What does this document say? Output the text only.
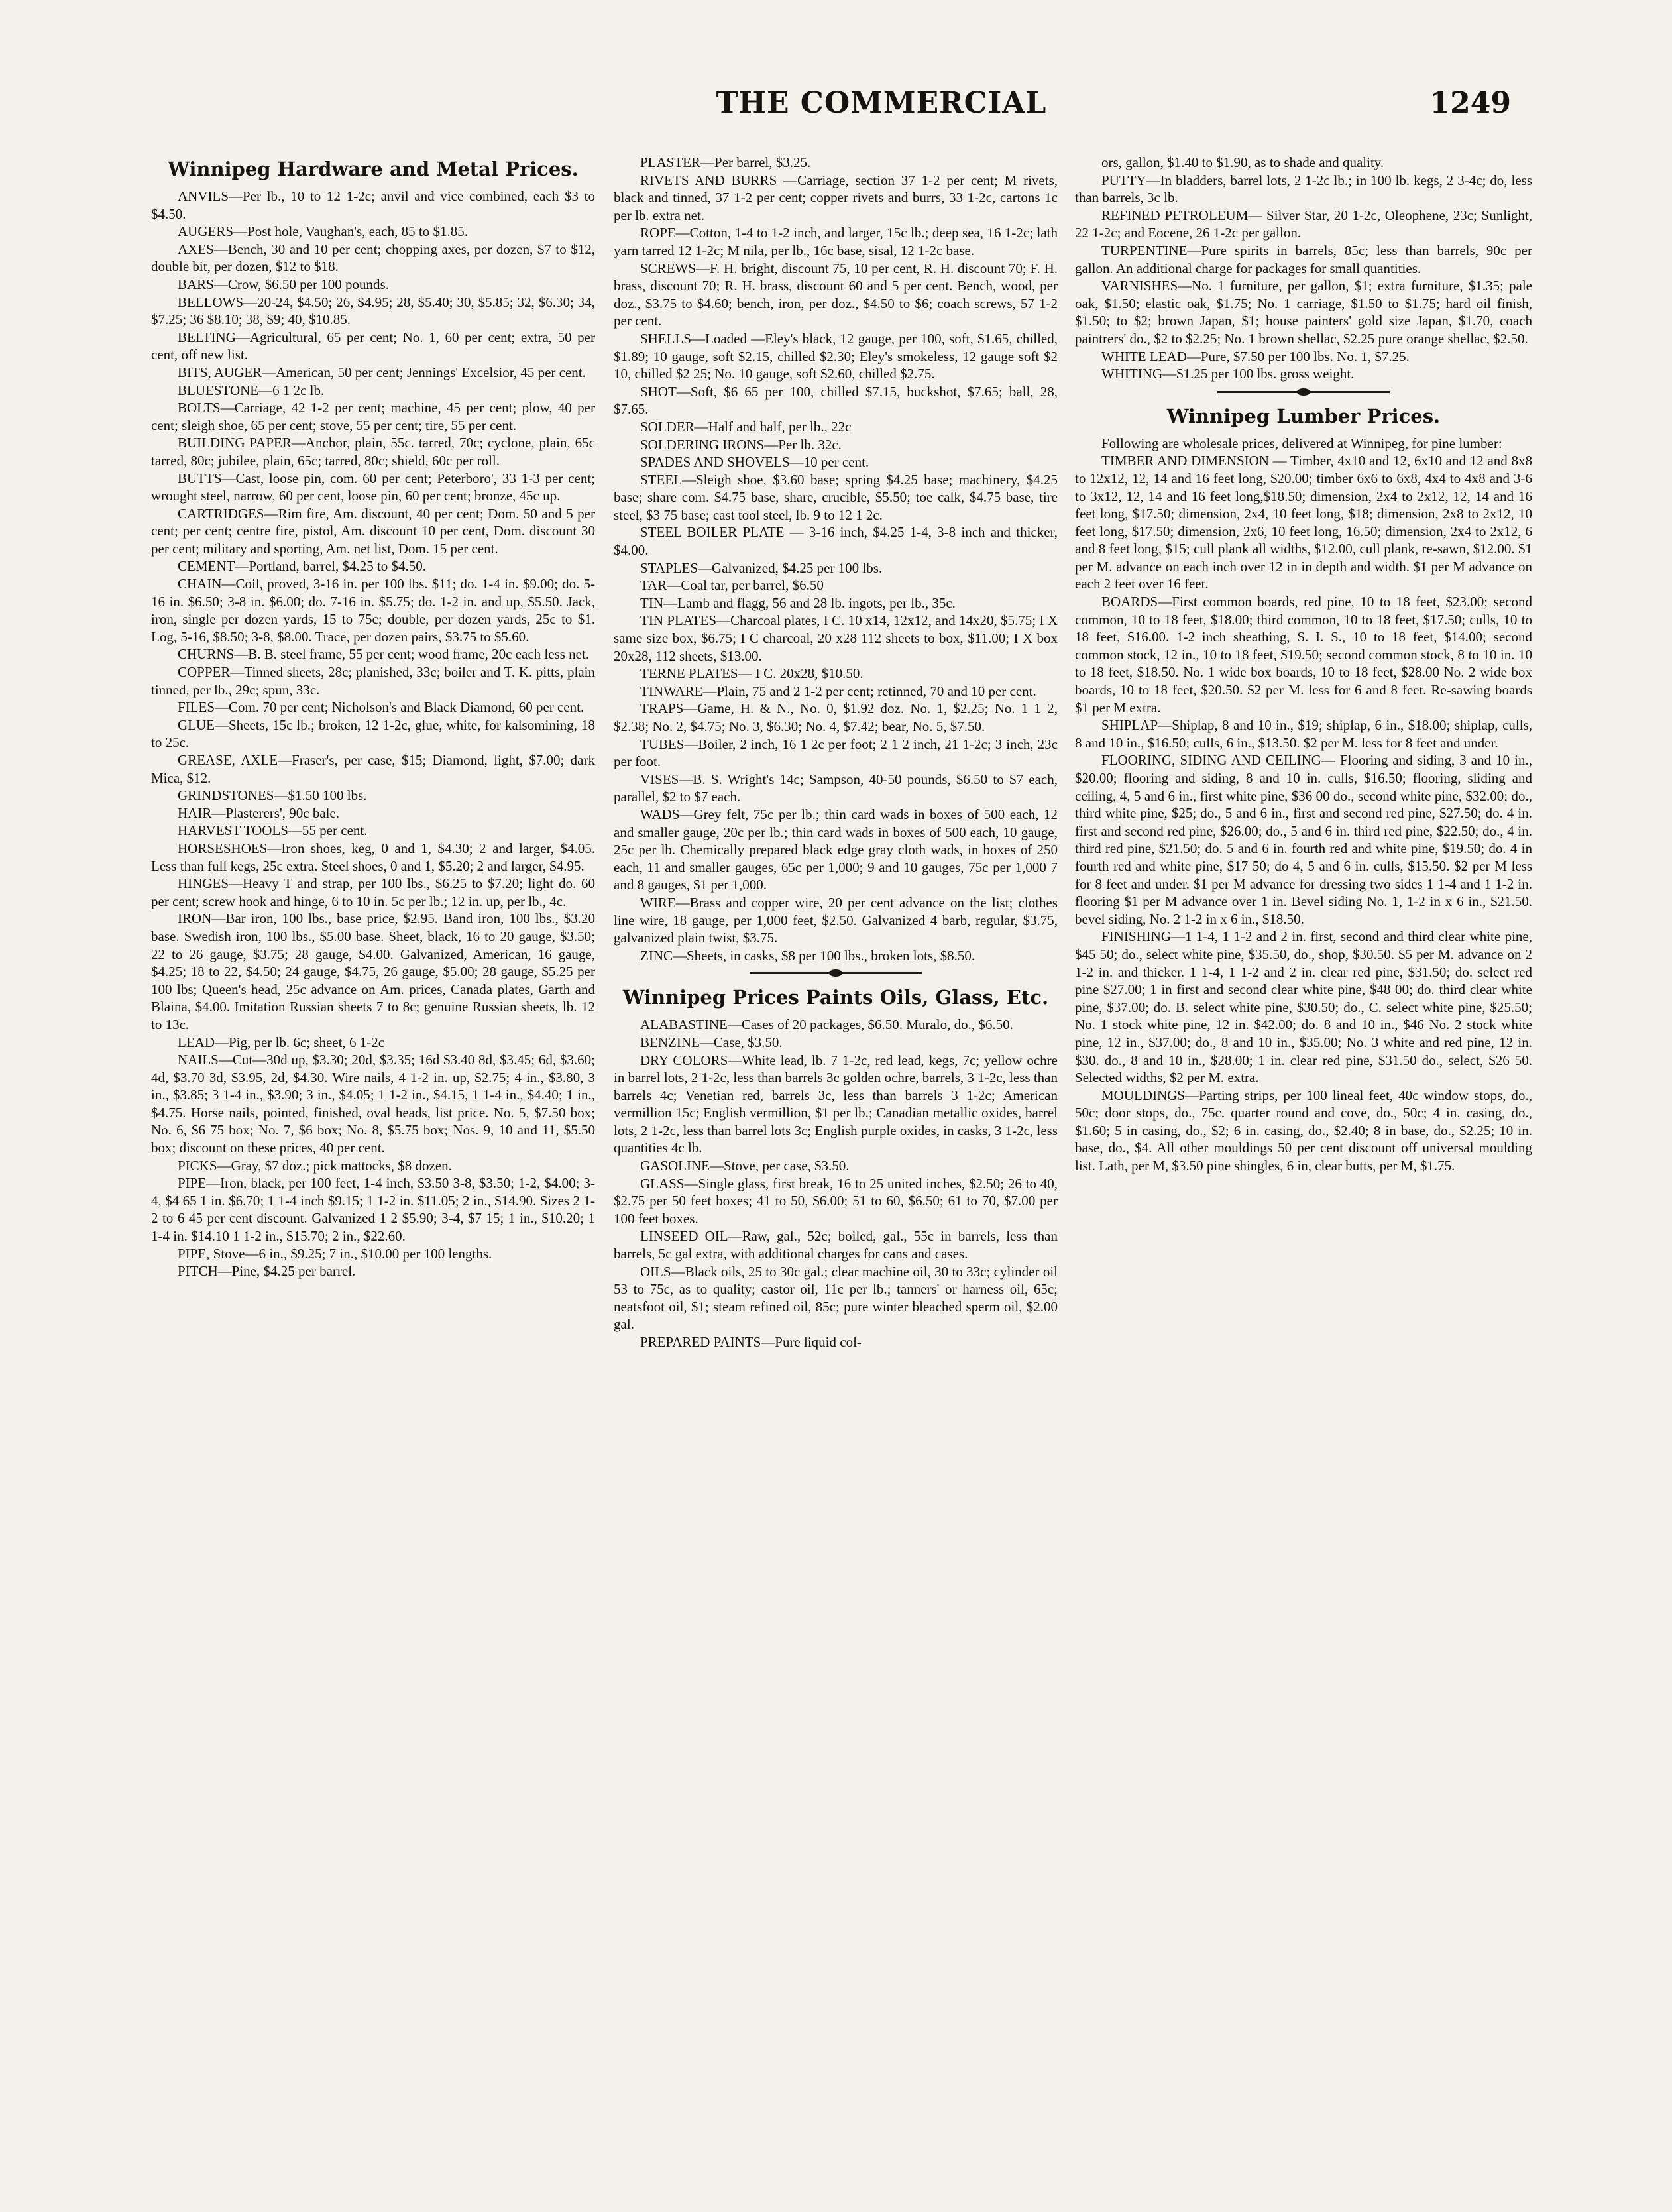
THE COMMERCIAL	1249
Winnipeg Hardware and Metal Prices.

ANVILS—Per lb., 10 to 12 1-2c; anvil and vice combined, each $3 to $4.50.

AUGERS—Post hole, Vaughan's, each, 85 to $1.85.

AXES—Bench, 30 and 10 per cent; chopping axes, per dozen, $7 to $12, double bit, per dozen, $12 to $18.

BARS—Crow, $6.50 per 100 pounds.

BELLOWS—20-24, $4.50; 26, $4.95; 28, $5.40; 30, $5.85; 32, $6.30; 34, $7.25; 36 $8.10; 38, $9; 40, $10.85.

BELTING—Agricultural, 65 per cent; No. 1, 60 per cent; extra, 50 per cent, off new list.

BITS, AUGER—American, 50 per cent; Jennings' Excelsior, 45 per cent.

BLUESTONE—6 1 2c lb.

BOLTS—Carriage, 42 1-2 per cent; machine, 45 per cent; plow, 40 per cent; sleigh shoe, 65 per cent; stove, 55 per cent; tire, 55 per cent.

BUILDING PAPER—Anchor, plain, 55c. tarred, 70c; cyclone, plain, 65c tarred, 80c; jubilee, plain, 65c; tarred, 80c; shield, 60c per roll.

BUTTS—Cast, loose pin, com. 60 per cent; Peterboro', 33 1-3 per cent; wrought steel, narrow, 60 per cent, loose pin, 60 per cent; bronze, 45c up.

CARTRIDGES—Rim fire, Am. discount, 40 per cent; Dom. 50 and 5 per cent; per cent; centre fire, pistol, Am. discount 10 per cent, Dom. discount 30 per cent; military and sporting, Am. net list, Dom. 15 per cent.

CEMENT—Portland, barrel, $4.25 to $4.50.

CHAIN—Coil, proved, 3-16 in. per 100 lbs. $11; do. 1-4 in. $9.00; do. 5-16 in. $6.50; 3-8 in. $6.00; do. 7-16 in. $5.75; do. 1-2 in. and up, $5.50. Jack, iron, single per dozen yards, 15 to 75c; double, per dozen yards, 25c to $1. Log, 5-16, $8.50; 3-8, $8.00. Trace, per dozen pairs, $3.75 to $5.60.

CHURNS—B. B. steel frame, 55 per cent; wood frame, 20c each less net.

COPPER—Tinned sheets, 28c; planished, 33c; boiler and T. K. pitts, plain tinned, per lb., 29c; spun, 33c.

FILES—Com. 70 per cent; Nicholson's and Black Diamond, 60 per cent.

GLUE—Sheets, 15c lb.; broken, 12 1-2c, glue, white, for kalsomining, 18 to 25c.

GREASE, AXLE—Fraser's, per case, $15; Diamond, light, $7.00; dark Mica, $12.

GRINDSTONES—$1.50 100 lbs.

HAIR—Plasterers', 90c bale.

HARVEST TOOLS—55 per cent.

HORSESHOES—Iron shoes, keg, 0 and 1, $4.30; 2 and larger, $4.05. Less than full kegs, 25c extra. Steel shoes, 0 and 1, $5.20; 2 and larger, $4.95.

HINGES—Heavy T and strap, per 100 lbs., $6.25 to $7.20; light do. 60 per cent; screw hook and hinge, 6 to 10 in. 5c per lb.; 12 in. up, per lb., 4c.

IRON—Bar iron, 100 lbs., base price, $2.95. Band iron, 100 lbs., $3.20 base. Swedish iron, 100 lbs., $5.00 base. Sheet, black, 16 to 20 gauge, $3.50; 22 to 26 gauge, $3.75; 28 gauge, $4.00. Galvanized, American, 16 gauge, $4.25; 18 to 22, $4.50; 24 gauge, $4.75, 26 gauge, $5.00; 28 gauge, $5.25 per 100 lbs; Queen's head, 25c advance on Am. prices, Canada plates, Garth and Blaina, $4.00. Imitation Russian sheets 7 to 8c; genuine Russian sheets, lb. 12 to 13c.

LEAD—Pig, per lb. 6c; sheet, 6 1-2c

NAILS—Cut—30d up, $3.30; 20d, $3.35; 16d $3.40 8d, $3.45; 6d, $3.60; 4d, $3.70 3d, $3.95, 2d, $4.30. Wire nails, 4 1-2 in. up, $2.75; 4 in., $3.80, 3 in., $3.85; 3 1-4 in., $3.90; 3 in., $4.05; 1 1-2 in., $4.15, 1 1-4 in., $4.40; 1 in., $4.75. Horse nails, pointed, finished, oval heads, list price. No. 5, $7.50 box; No. 6, $6 75 box; No. 7, $6 box; No. 8, $5.75 box; Nos. 9, 10 and 11, $5.50 box; discount on these prices, 40 per cent.

PICKS—Gray, $7 doz.; pick mattocks, $8 dozen.

PIPE—Iron, black, per 100 feet, 1-4 inch, $3.50 3-8, $3.50; 1-2, $4.00; 3-4, $4 65 1 in. $6.70; 1 1-4 inch $9.15; 1 1-2 in. $11.05; 2 in., $14.90. Sizes 2 1-2 to 6 45 per cent discount. Galvanized 1 2 $5.90; 3-4, $7 15; 1 in., $10.20; 1 1-4 in. $14.10 1 1-2 in., $15.70; 2 in., $22.60.

PIPE, Stove—6 in., $9.25; 7 in., $10.00 per 100 lengths.

PITCH—Pine, $4.25 per barrel.

PLASTER—Per barrel, $3.25.

RIVETS AND BURRS —Carriage, section 37 1-2 per cent; M rivets, black and tinned, 37 1-2 per cent; copper rivets and burrs, 33 1-2c, cartons 1c per lb. extra net.

ROPE—Cotton, 1-4 to 1-2 inch, and larger, 15c lb.; deep sea, 16 1-2c; lath yarn tarred 12 1-2c; M nila, per lb., 16c base, sisal, 12 1-2c base.

SCREWS—F. H. bright, discount 75, 10 per cent, R. H. discount 70; F. H. brass, discount 70; R. H. brass, discount 60 and 5 per cent. Bench, wood, per doz., $3.75 to $4.60; bench, iron, per doz., $4.50 to $6; coach screws, 57 1-2 per cent.

SHELLS—Loaded —Eley's black, 12 gauge, per 100, soft, $1.65, chilled, $1.89; 10 gauge, soft $2.15, chilled $2.30; Eley's smokeless, 12 gauge soft $2 10, chilled $2 25; No. 10 gauge, soft $2.60, chilled $2.75.

SHOT—Soft, $6 65 per 100, chilled $7.15, buckshot, $7.65; ball, 28, $7.65.

SOLDER—Half and half, per lb., 22c

SOLDERING IRONS—Per lb. 32c.

SPADES AND SHOVELS—10 per cent.

STEEL—Sleigh shoe, $3.60 base; spring $4.25 base; machinery, $4.25 base; share com. $4.75 base, share, crucible, $5.50; toe calk, $4.75 base, tire steel, $3 75 base; cast tool steel, lb. 9 to 12 1 2c.

STEEL BOILER PLATE — 3-16 inch, $4.25 1-4, 3-8 inch and thicker, $4.00.

STAPLES—Galvanized, $4.25 per 100 lbs.

TAR—Coal tar, per barrel, $6.50

TIN—Lamb and flagg, 56 and 28 lb. ingots, per lb., 35c.

TIN PLATES—Charcoal plates, I C. 10 x14, 12x12, and 14x20, $5.75; I X same size box, $6.75; I C charcoal, 20 x28 112 sheets to box, $11.00; I X box 20x28, 112 sheets, $13.00.

TERNE PLATES— I C. 20x28, $10.50.

TINWARE—Plain, 75 and 2 1-2 per cent; retinned, 70 and 10 per cent.

TRAPS—Game, H. & N., No. 0, $1.92 doz. No. 1, $2.25; No. 1 1 2, $2.38; No. 2, $4.75; No. 3, $6.30; No. 4, $7.42; bear, No. 5, $7.50.

TUBES—Boiler, 2 inch, 16 1 2c per foot; 2 1 2 inch, 21 1-2c; 3 inch, 23c per foot.

VISES—B. S. Wright's 14c; Sampson, 40-50 pounds, $6.50 to $7 each, parallel, $2 to $7 each.

WADS—Grey felt, 75c per lb.; thin card wads in boxes of 500 each, 12 and smaller gauge, 20c per lb.; thin card wads in boxes of 500 each, 10 gauge, 25c per lb. Chemically prepared black edge gray cloth wads, in boxes of 250 each, 11 and smaller gauges, 65c per 1,000; 9 and 10 gauges, 75c per 1,000 7 and 8 gauges, $1 per 1,000.

WIRE—Brass and copper wire, 20 per cent advance on the list; clothes line wire, 18 gauge, per 1,000 feet, $2.50. Galvanized 4 barb, regular, $3.75, galvanized plain twist, $3.75.

ZINC—Sheets, in casks, $8 per 100 lbs., broken lots, $8.50.

Winnipeg Prices Paints Oils, Glass, Etc.

ALABASTINE—Cases of 20 packages, $6.50. Muralo, do., $6.50.

BENZINE—Case, $3.50.

DRY COLORS—White lead, lb. 7 1-2c, red lead, kegs, 7c; yellow ochre in barrel lots, 2 1-2c, less than barrels 3c golden ochre, barrels, 3 1-2c, less than barrels 4c; Venetian red, barrels 3c, less than barrels 3 1-2c; American vermillion 15c; English vermillion, $1 per lb.; Canadian metallic oxides, barrel lots, 2 1-2c, less than barrel lots 3c; English purple oxides, in casks, 3 1-2c, less quantities 4c lb.

GASOLINE—Stove, per case, $3.50.

GLASS—Single glass, first break, 16 to 25 united inches, $2.50; 26 to 40, $2.75 per 50 feet boxes; 41 to 50, $6.00; 51 to 60, $6.50; 61 to 70, $7.00 per 100 feet boxes.

LINSEED OIL—Raw, gal., 52c; boiled, gal., 55c in barrels, less than barrels, 5c gal extra, with additional charges for cans and cases.

OILS—Black oils, 25 to 30c gal.; clear machine oil, 30 to 33c; cylinder oil 53 to 75c, as to quality; castor oil, 11c per lb.; tanners' or harness oil, 65c; neatsfoot oil, $1; steam refined oil, 85c; pure winter bleached sperm oil, $2.00 gal.

PREPARED PAINTS—Pure liquid col-

ors, gallon, $1.40 to $1.90, as to shade and quality.

PUTTY—In bladders, barrel lots, 2 1-2c lb.; in 100 lb. kegs, 2 3-4c; do, less than barrels, 3c lb.

REFINED PETROLEUM— Silver Star, 20 1-2c, Oleophene, 23c; Sunlight, 22 1-2c; and Eocene, 26 1-2c per gallon.

TURPENTINE—Pure spirits in barrels, 85c; less than barrels, 90c per gallon. An additional charge for packages for small quantities.

VARNISHES—No. 1 furniture, per gallon, $1; extra furniture, $1.35; pale oak, $1.50; elastic oak, $1.75; No. 1 carriage, $1.50 to $1.75; hard oil finish, $1.50; to $2; brown Japan, $1; house painters' gold size Japan, $1.70, coach paintrers' do., $2 to $2.25; No. 1 brown shellac, $2.25 pure orange shellac, $2.50.

WHITE LEAD—Pure, $7.50 per 100 lbs. No. 1, $7.25.

WHITING—$1.25 per 100 lbs. gross weight.

Winnipeg Lumber Prices.

Following are wholesale prices, delivered at Winnipeg, for pine lumber:

TIMBER AND DIMENSION — Timber, 4x10 and 12, 6x10 and 12 and 8x8 to 12x12, 12, 14 and 16 feet long, $20.00; timber 6x6 to 6x8, 4x4 to 4x8 and 3-6 to 3x12, 12, 14 and 16 feet long,$18.50; dimension, 2x4 to 2x12, 12, 14 and 16 feet long, $17.50; dimension, 2x4, 10 feet long, $18; dimension, 2x8 to 2x12, 10 feet long, $17.50; dimension, 2x6, 10 feet long, 16.50; dimension, 2x4 to 2x12, 6 and 8 feet long, $15; cull plank all widths, $12.00, cull plank, re-sawn, $12.00. $1 per M. advance on each inch over 12 in in depth and width. $1 per M advance on each 2 feet over 16 feet.

BOARDS—First common boards, red pine, 10 to 18 feet, $23.00; second common, 10 to 18 feet, $18.00; third common, 10 to 18 feet, $17.50; culls, 10 to 18 feet, $16.00. 1-2 inch sheathing, S. I. S., 10 to 18 feet, $14.00; second common stock, 12 in., 10 to 18 feet, $19.50; second common stock, 8 to 10 in. 10 to 18 feet, $18.50. No. 1 wide box boards, 10 to 18 feet, $28.00 No. 2 wide box boards, 10 to 18 feet, $20.50. $2 per M. less for 6 and 8 feet. Re-sawing boards $1 per M extra.

SHIPLAP—Shiplap, 8 and 10 in., $19; shiplap, 6 in., $18.00; shiplap, culls, 8 and 10 in., $16.50; culls, 6 in., $13.50. $2 per M. less for 8 feet and under.

FLOORING, SIDING AND CEILING— Flooring and siding, 3 and 10 in., $20.00; flooring and siding, 8 and 10 in. culls, $16.50; flooring, sliding and ceiling, 4, 5 and 6 in., first white pine, $36 00 do., second white pine, $32.00; do., third white pine, $25; do., 5 and 6 in., first and second red pine, $27.50; do. 4 in. first and second red pine, $26.00; do., 5 and 6 in. third red pine, $22.50; do., 4 in. third red pine, $21.50; do. 5 and 6 in. fourth red and white pine, $19.50; do. 4 in fourth red and white pine, $17 50; do 4, 5 and 6 in. culls, $15.50. $2 per M less for 8 feet and under. $1 per M advance for dressing two sides 1 1-4 and 1 1-2 in. flooring $1 per M advance over 1 in. Bevel siding No. 1, 1-2 in x 6 in., $21.50. bevel siding, No. 2 1-2 in x 6 in., $18.50.

FINISHING—1 1-4, 1 1-2 and 2 in. first, second and third clear white pine, $45 50; do., select white pine, $35.50, do., shop, $30.50. $5 per M. advance on 2 1-2 in. and thicker. 1 1-4, 1 1-2 and 2 in. clear red pine, $31.50; do. select red pine $27.00; 1 in first and second clear white pine, $48 00; do. third clear white pine, $37.00; do. B. select white pine, $30.50; do., C. select white pine, $25.50; No. 1 stock white pine, 12 in. $42.00; do. 8 and 10 in., $46 No. 2 stock white pine, 12 in., $37.00; do., 8 and 10 in., $35.00; No. 3 white and red pine, 12 in. $30. do., 8 and 10 in., $28.00; 1 in. clear red pine, $31.50 do., select, $26 50. Selected widths, $2 per M. extra.

MOULDINGS—Parting strips, per 100 lineal feet, 40c window stops, do., 50c; door stops, do., 75c. quarter round and cove, do., 50c; 4 in. casing, do., $1.60; 5 in casing, do., $2; 6 in. casing, do., $2.40; 8 in base, do., $2.25; 10 in. base, do., $4. All other mouldings 50 per cent discount off universal moulding list. Lath, per M, $3.50 pine shingles, 6 in, clear butts, per M, $1.75.
